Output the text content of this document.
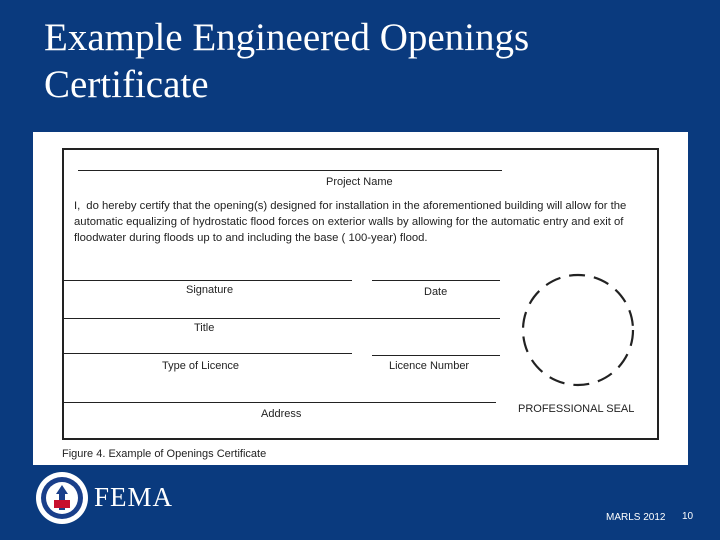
Example Engineered Openings
Certificate
Project Name
I, do hereby certify that the opening(s) designed for installation in the aforementioned building will allow for the automatic equalizing of hydrostatic flood forces on exterior walls by allowing for the automatic entry and exit of floodwater during floods up to and including the base ( 100-year) flood.
Signature	Date
Title
Type of Licence	Licence Number
Address	PROFESSIONAL SEAL
Figure 4. Example of Openings Certificate
FEMA
MARLS 2012 10
